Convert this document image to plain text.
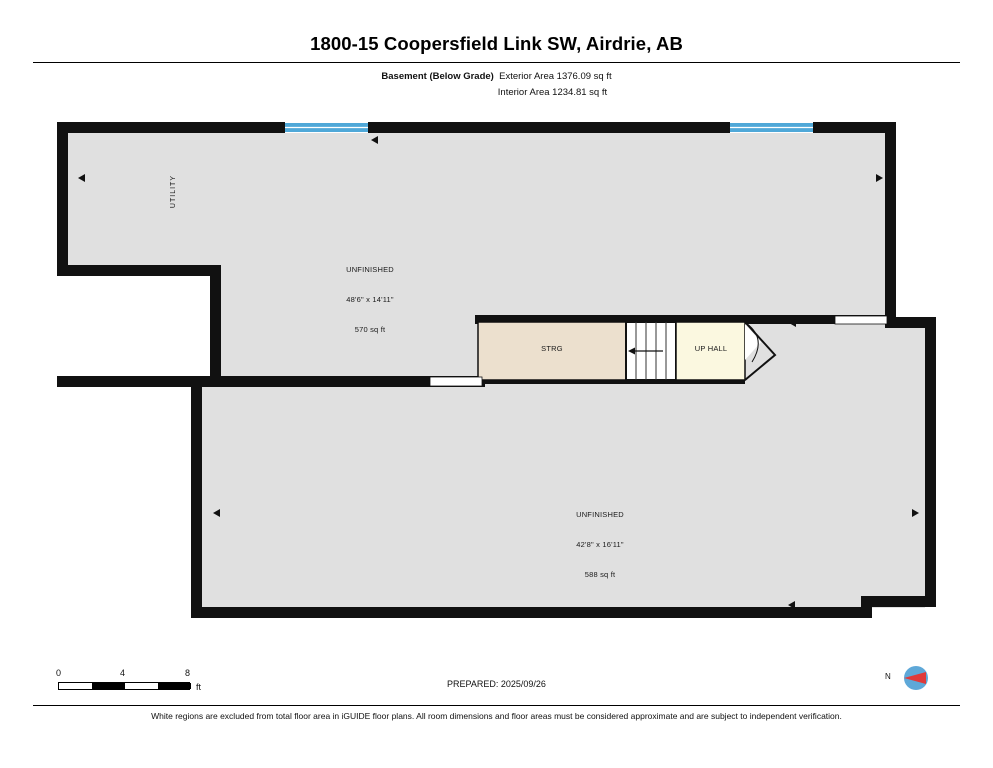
1800-15 Coopersfield Link SW, Airdrie, AB
Basement (Below Grade) Exterior Area 1376.09 sq ft
Interior Area 1234.81 sq ft
UTILITY

UNFINISHED

48'6" x 14'11"

570 sq ft

STRG	UP HALL

UNFINISHED

42'8" x 16'11"

588 sq ft

0	4	8
ft	PREPARED: 2025/09/26
N
White regions are excluded from total floor area in iGUIDE floor plans. All room dimensions and floor areas must be considered approximate and are subject to independent verification.
